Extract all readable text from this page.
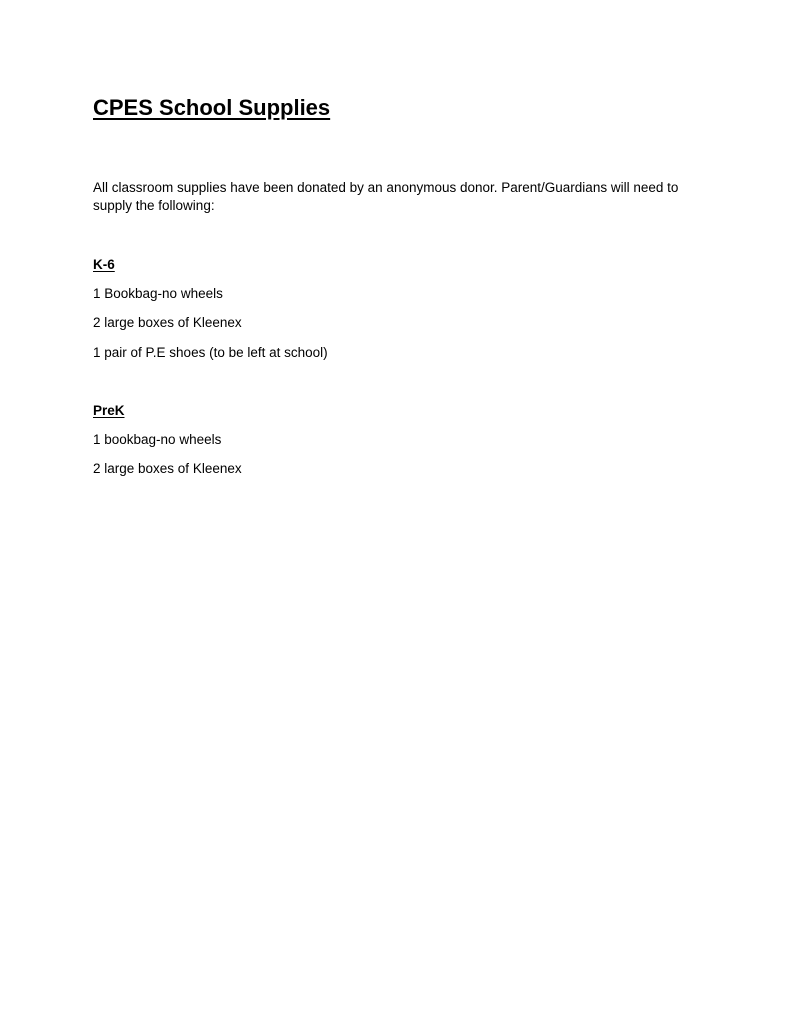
CPES School Supplies

All classroom supplies have been donated by an anonymous donor. Parent/Guardians will need to supply the following:

K-6

1 Bookbag-no wheels

2 large boxes of Kleenex

1 pair of P.E shoes (to be left at school)

PreK

1 bookbag-no wheels

2 large boxes of Kleenex
